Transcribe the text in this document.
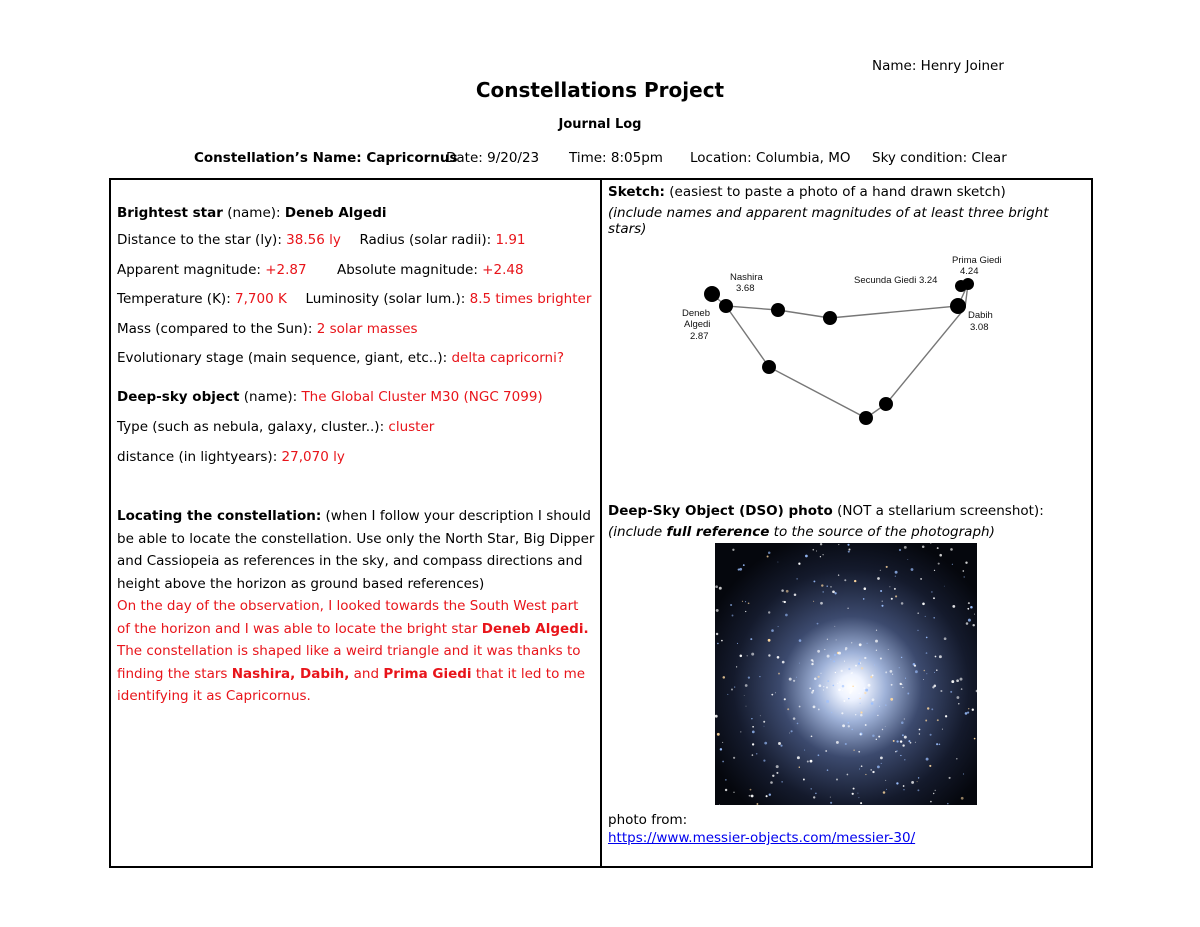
Name: Henry Joiner
Constellations Project
Journal Log
Constellation’s Name: Capricornus
Date: 9/20/23 Time: 8:05pm Location: Columbia, MO Sky condition: Clear
Brightest star (name): Deneb Algedi
Distance to the star (ly): 38.56 ly Radius (solar radii): 1.91
Apparent magnitude: +2.87 Absolute magnitude: +2.48
Temperature (K): 7,700 K Luminosity (solar lum.): 8.5 times brighter
Mass (compared to the Sun): 2 solar masses
Evolutionary stage (main sequence, giant, etc..): delta capricorni?
Deep-sky object (name): The Global Cluster M30 (NGC 7099)
Type (such as nebula, galaxy, cluster..): cluster
distance (in lightyears): 27,070 ly
Locating the constellation: (when I follow your description I should be able to locate the constellation. Use only the North Star, Big Dipper and Cassiopeia as references in the sky, and compass directions and height above the horizon as ground based references)
On the day of the observation, I looked towards the South West part of the horizon and I was able to locate the bright star Deneb Algedi. The constellation is shaped like a weird triangle and it was thanks to finding the stars Nashira, Dabih, and Prima Giedi that it led to me identifying it as Capricornus.
Sketch: (easiest to paste a photo of a hand drawn sketch)
(include names and apparent magnitudes of at least three bright stars)
Prima Giedi
4.24
Nashira
3.68
Secunda Giedi 3.24
Deneb
Algedi
2.87
Dabih
3.08
Deep-Sky Object (DSO) photo (NOT a stellarium screenshot):
(include full reference to the source of the photograph)
photo from:
https://www.messier-objects.com/messier-30/
